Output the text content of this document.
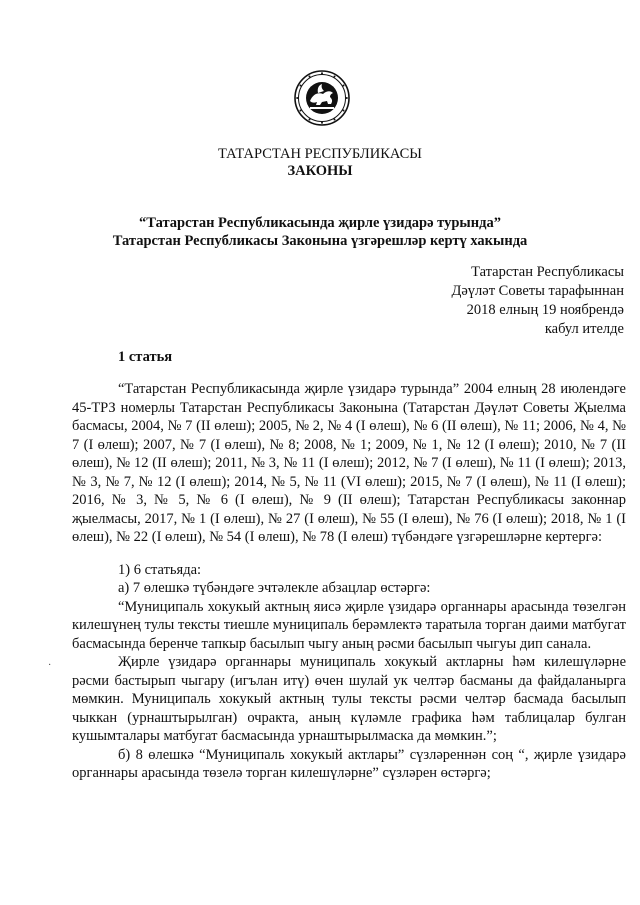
ТАТАРСТАН РЕСПУБЛИКАСЫ
ЗАКОНЫ
“Татарстан Республикасында җирле үзидарә турында”
Татарстан Республикасы Законына үзгәрешләр кертү хакында
Татарстан Республикасы
Дәүләт Советы тарафыннан
2018 елның 19 ноябрендә
кабул ителде
1 статья

“Татарстан Республикасында җирле үзидарә турында” 2004 елның 28 июлендәге 45-ТРЗ номерлы Татарстан Республикасы Законына (Татарстан Дәүләт Советы Җыелма басмасы, 2004, № 7 (II өлеш); 2005, № 2, № 4 (I өлеш), № 6 (II өлеш), № 11; 2006, № 4, № 7 (I өлеш); 2007, № 7 (I өлеш), № 8; 2008, № 1; 2009, № 1, № 12 (I өлеш); 2010, № 7 (II өлеш), № 12 (II өлеш); 2011, № 3, № 11 (I өлеш); 2012, № 7 (I өлеш), № 11 (I өлеш); 2013, № 3, № 7, № 12 (I өлеш); 2014, № 5, № 11 (VI өлеш); 2015, № 7 (I өлеш), № 11 (I өлеш); 2016, № 3, № 5, № 6 (I өлеш), № 9 (II өлеш); Татарстан Республикасы законнар җыелмасы, 2017, № 1 (I өлеш), № 27 (I өлеш), № 55 (I өлеш), № 76 (I өлеш); 2018, № 1 (I өлеш), № 22 (I өлеш), № 54 (I өлеш), № 78 (I өлеш) түбәндәге үзгәрешләрне кертергә:

1) 6 статьяда:

а) 7 өлешкә түбәндәге эчтәлекле абзацлар өстәргә:

“Муниципаль хокукый актның яисә җирле үзидарә органнары арасында төзелгән килешүнең тулы тексты тиешле муниципаль берәмлектә таратыла торган даими матбугат басмасында беренче тапкыр басылып чыгу аның рәсми басылып чыгуы дип санала.

Җирле үзидарә органнары муниципаль хокукый актларны һәм килешүләрне рәсми бастырып чыгару (игълан итү) өчен шулай ук челтәр басманы да файдаланырга мөмкин. Муниципаль хокукый актның тулы тексты рәсми челтәр басмада басылып чыккан (урнаштырылган) очракта, аның күләмле графика һәм таблицалар булган кушымталары матбугат басмасында урнаштырылмаска да мөмкин.”;

б) 8 өлешкә “Муниципаль хокукый актлары” сүзләреннән соң “, җирле үзидарә органнары арасында төзелә торган килешүләрне” сүзләрен өстәргә;

·
